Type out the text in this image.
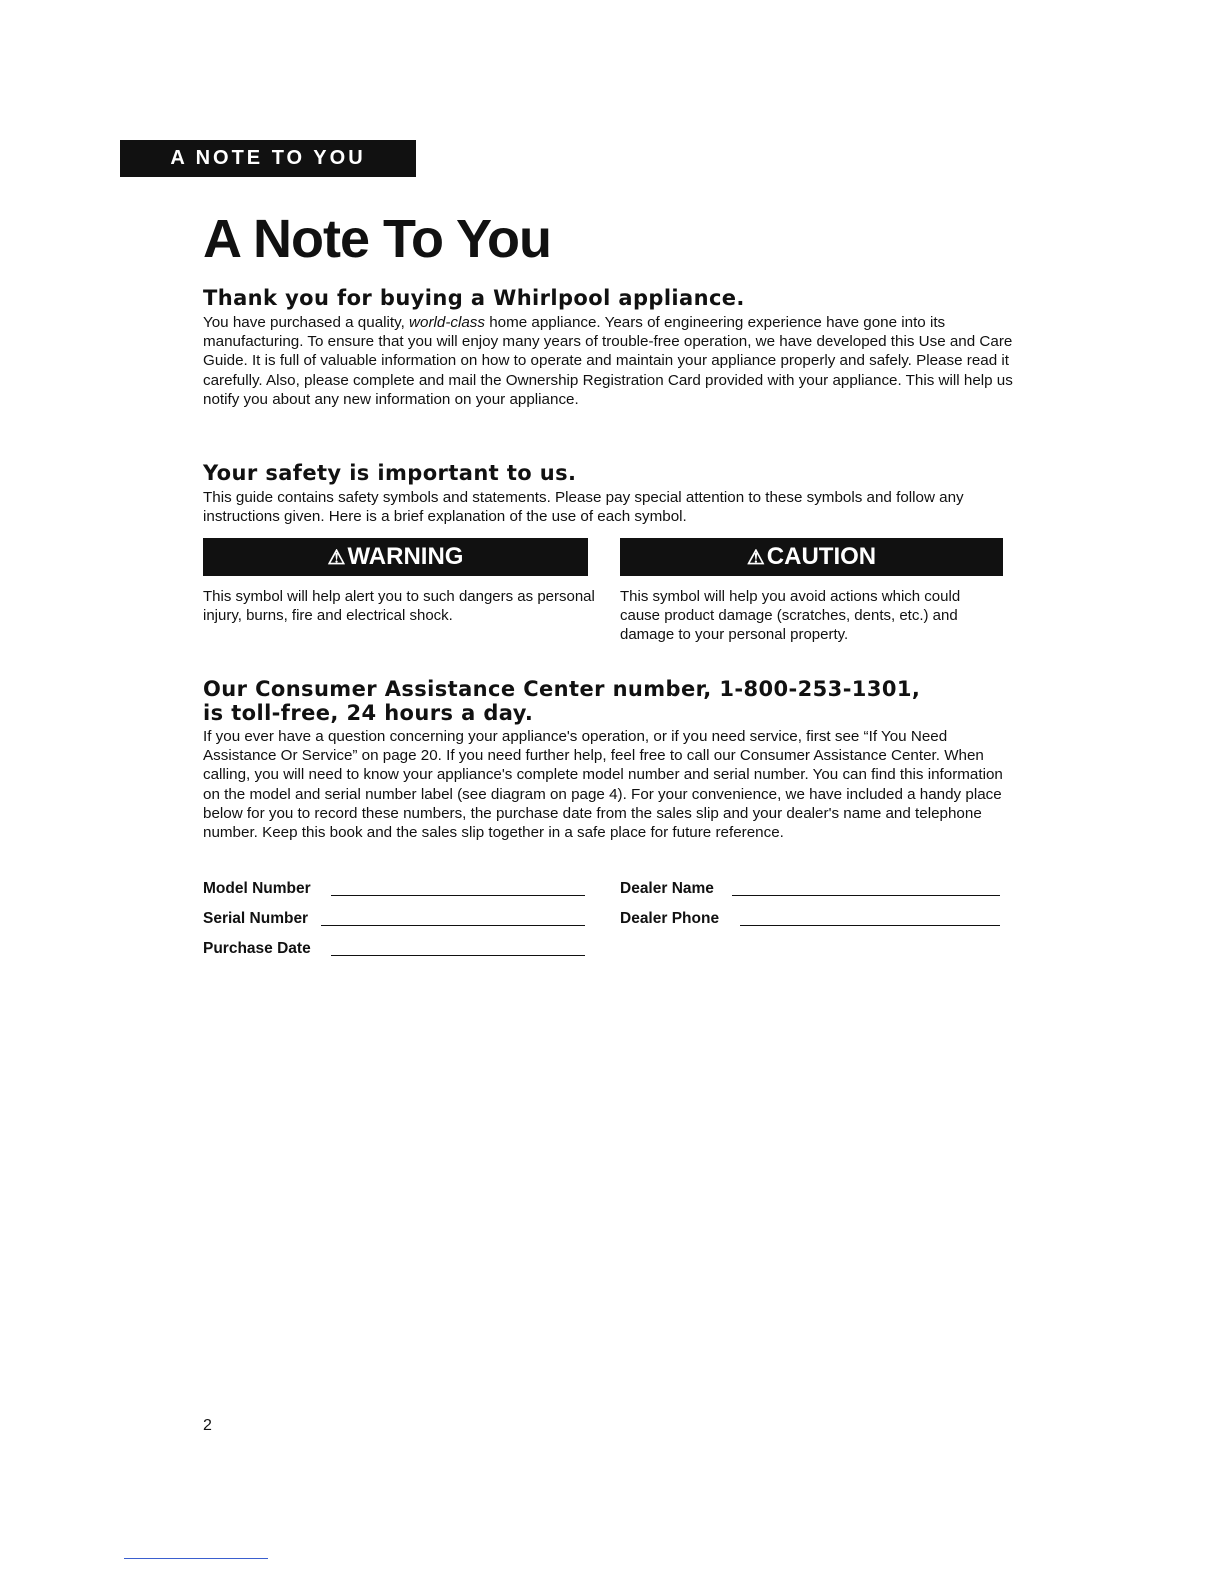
A NOTE TO YOU
A Note To You
Thank you for buying a Whirlpool appliance.

You have purchased a quality, world-class home appliance. Years of engineering experience have gone into its manufacturing. To ensure that you will enjoy many years of trouble-free operation, we have developed this Use and Care Guide. It is full of valuable information on how to operate and maintain your appliance properly and safely. Please read it carefully. Also, please complete and mail the Ownership Registration Card provided with your appliance. This will help us notify you about any new information on your appliance.

Your safety is important to us.

This guide contains safety symbols and statements. Please pay special attention to these symbols and follow any instructions given. Here is a brief explanation of the use of each symbol.

⚠WARNING

This symbol will help alert you to such dangers as personal injury, burns, fire and electrical shock.

⚠CAUTION

This symbol will help you avoid actions which could cause product damage (scratches, dents, etc.) and damage to your personal property.

Our Consumer Assistance Center number, 1-800-253-1301,
is toll-free, 24 hours a day.

If you ever have a question concerning your appliance's operation, or if you need service, first see “If You Need Assistance Or Service” on page 20. If you need further help, feel free to call our Consumer Assistance Center. When calling, you will need to know your appliance's complete model number and serial number. You can find this information on the model and serial number label (see diagram on page 4). For your convenience, we have included a handy place below for you to record these numbers, the purchase date from the sales slip and your dealer's name and telephone number. Keep this book and the sales slip together in a safe place for future reference.

Model Number
Serial Number
Purchase Date
Dealer Name
Dealer Phone
2
